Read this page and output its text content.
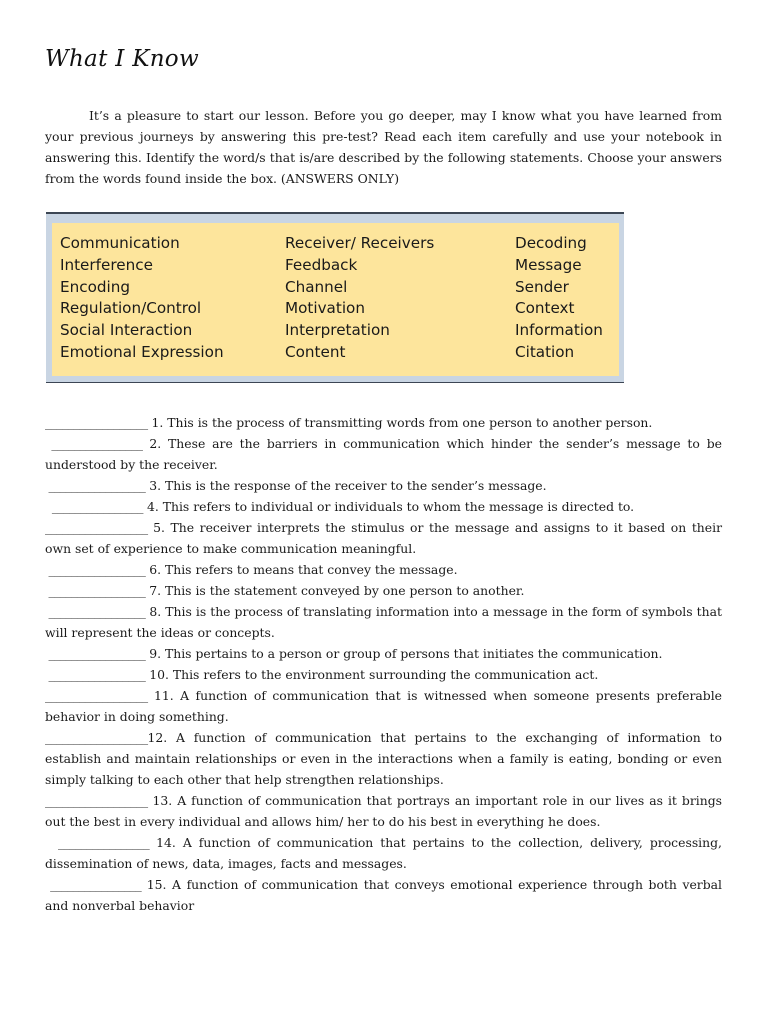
What I Know

It’s a pleasure to start our lesson. Before you go deeper, may I know what you have learned from your previous journeys by answering this pre-test? Read each item carefully and use your notebook in answering this. Identify the word/s that is/are described by the following statements. Choose your answers from the words found inside the box. (ANSWERS ONLY)

Communication
Interference
Encoding
Regulation/Control
Social Interaction
Emotional Expression
Receiver/ Receivers
Feedback
Channel
Motivation
Interpretation
Content
Decoding
Message
Sender
Context
Information
Citation

__________________ 1. This is the process of transmitting words from one person to another person.

________________ 2. These are the barriers in communication which hinder the sender’s message to be understood by the receiver.

_________________ 3. This is the response of the receiver to the sender’s message.

________________ 4. This refers to individual or individuals to whom the message is directed to.

__________________ 5. The receiver interprets the stimulus or the message and assigns to it based on their own set of experience to make communication meaningful.

_________________ 6. This refers to means that convey the message.

_________________ 7. This is the statement conveyed by one person to another.

_________________ 8. This is the process of translating information into a message in the form of symbols that will represent the ideas or concepts.

_________________ 9. This pertains to a person or group of persons that initiates the communication.

_________________ 10. This refers to the environment surrounding the communication act.

__________________ 11. A function of communication that is witnessed when someone presents preferable behavior in doing something.

__________________12. A function of communication that pertains to the exchanging of information to establish and maintain relationships or even in the interactions when a family is eating, bonding or even simply talking to each other that help strengthen relationships.

__________________ 13. A function of communication that portrays an important role in our lives as it brings out the best in every individual and allows him/ her to do his best in everything he does.

________________ 14. A function of communication that pertains to the collection, delivery, processing, dissemination of news, data, images, facts and messages.

________________ 15. A function of communication that conveys emotional experience through both verbal and nonverbal behavior
